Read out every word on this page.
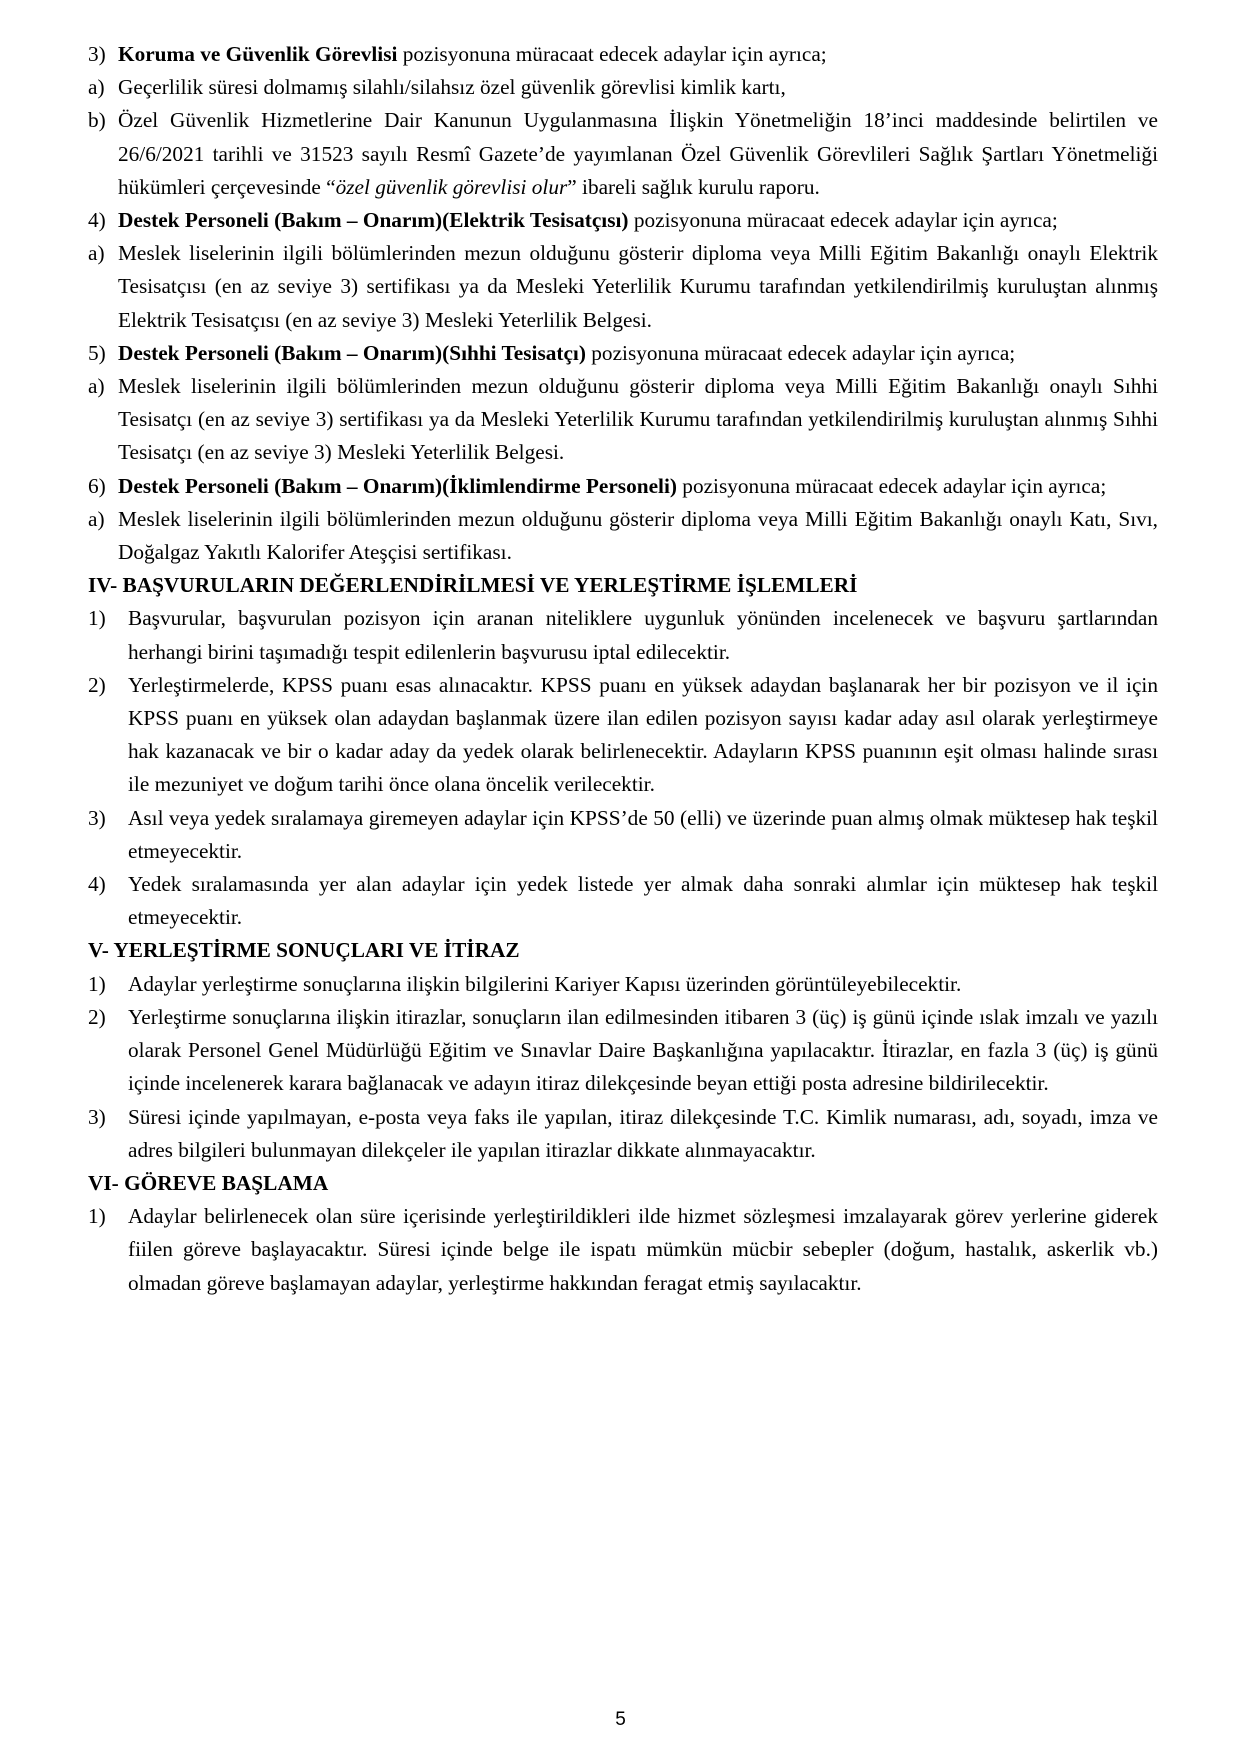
3) Koruma ve Güvenlik Görevlisi pozisyonuna müracaat edecek adaylar için ayrıca;

a) Geçerlilik süresi dolmamış silahlı/silahsız özel güvenlik görevlisi kimlik kartı,

b) Özel Güvenlik Hizmetlerine Dair Kanunun Uygulanmasına İlişkin Yönetmeliğin 18’inci maddesinde belirtilen ve 26/6/2021 tarihli ve 31523 sayılı Resmî Gazete’de yayımlanan Özel Güvenlik Görevlileri Sağlık Şartları Yönetmeliği hükümleri çerçevesinde “özel güvenlik görevlisi olur” ibareli sağlık kurulu raporu.

4) Destek Personeli (Bakım – Onarım)(Elektrik Tesisatçısı) pozisyonuna müracaat edecek adaylar için ayrıca;

a) Meslek liselerinin ilgili bölümlerinden mezun olduğunu gösterir diploma veya Milli Eğitim Bakanlığı onaylı Elektrik Tesisatçısı (en az seviye 3) sertifikası ya da Mesleki Yeterlilik Kurumu tarafından yetkilendirilmiş kuruluştan alınmış Elektrik Tesisatçısı (en az seviye 3) Mesleki Yeterlilik Belgesi.

5) Destek Personeli (Bakım – Onarım)(Sıhhi Tesisatçı) pozisyonuna müracaat edecek adaylar için ayrıca;

a) Meslek liselerinin ilgili bölümlerinden mezun olduğunu gösterir diploma veya Milli Eğitim Bakanlığı onaylı Sıhhi Tesisatçı (en az seviye 3) sertifikası ya da Mesleki Yeterlilik Kurumu tarafından yetkilendirilmiş kuruluştan alınmış Sıhhi Tesisatçı (en az seviye 3) Mesleki Yeterlilik Belgesi.

6) Destek Personeli (Bakım – Onarım)(İklimlendirme Personeli) pozisyonuna müracaat edecek adaylar için ayrıca;

a) Meslek liselerinin ilgili bölümlerinden mezun olduğunu gösterir diploma veya Milli Eğitim Bakanlığı onaylı Katı, Sıvı, Doğalgaz Yakıtlı Kalorifer Ateşçisi sertifikası.

IV- BAŞVURULARIN DEĞERLENDİRİLMESİ VE YERLEŞTİRME İŞLEMLERİ

1) Başvurular, başvurulan pozisyon için aranan niteliklere uygunluk yönünden incelenecek ve başvuru şartlarından herhangi birini taşımadığı tespit edilenlerin başvurusu iptal edilecektir.

2) Yerleştirmelerde, KPSS puanı esas alınacaktır. KPSS puanı en yüksek adaydan başlanarak her bir pozisyon ve il için KPSS puanı en yüksek olan adaydan başlanmak üzere ilan edilen pozisyon sayısı kadar aday asıl olarak yerleştirmeye hak kazanacak ve bir o kadar aday da yedek olarak belirlenecektir. Adayların KPSS puanının eşit olması halinde sırası ile mezuniyet ve doğum tarihi önce olana öncelik verilecektir.

3) Asıl veya yedek sıralamaya giremeyen adaylar için KPSS’de 50 (elli) ve üzerinde puan almış olmak müktesep hak teşkil etmeyecektir.

4) Yedek sıralamasında yer alan adaylar için yedek listede yer almak daha sonraki alımlar için müktesep hak teşkil etmeyecektir.

V- YERLEŞTİRME SONUÇLARI VE İTİRAZ

1) Adaylar yerleştirme sonuçlarına ilişkin bilgilerini Kariyer Kapısı üzerinden görüntüleyebilecektir.

2) Yerleştirme sonuçlarına ilişkin itirazlar, sonuçların ilan edilmesinden itibaren 3 (üç) iş günü içinde ıslak imzalı ve yazılı olarak Personel Genel Müdürlüğü Eğitim ve Sınavlar Daire Başkanlığına yapılacaktır. İtirazlar, en fazla 3 (üç) iş günü içinde incelenerek karara bağlanacak ve adayın itiraz dilekçesinde beyan ettiği posta adresine bildirilecektir.

3) Süresi içinde yapılmayan, e-posta veya faks ile yapılan, itiraz dilekçesinde T.C. Kimlik numarası, adı, soyadı, imza ve adres bilgileri bulunmayan dilekçeler ile yapılan itirazlar dikkate alınmayacaktır.

VI- GÖREVE BAŞLAMA

1) Adaylar belirlenecek olan süre içerisinde yerleştirildikleri ilde hizmet sözleşmesi imzalayarak görev yerlerine giderek fiilen göreve başlayacaktır. Süresi içinde belge ile ispatı mümkün mücbir sebepler (doğum, hastalık, askerlik vb.) olmadan göreve başlamayan adaylar, yerleştirme hakkından feragat etmiş sayılacaktır.

5
